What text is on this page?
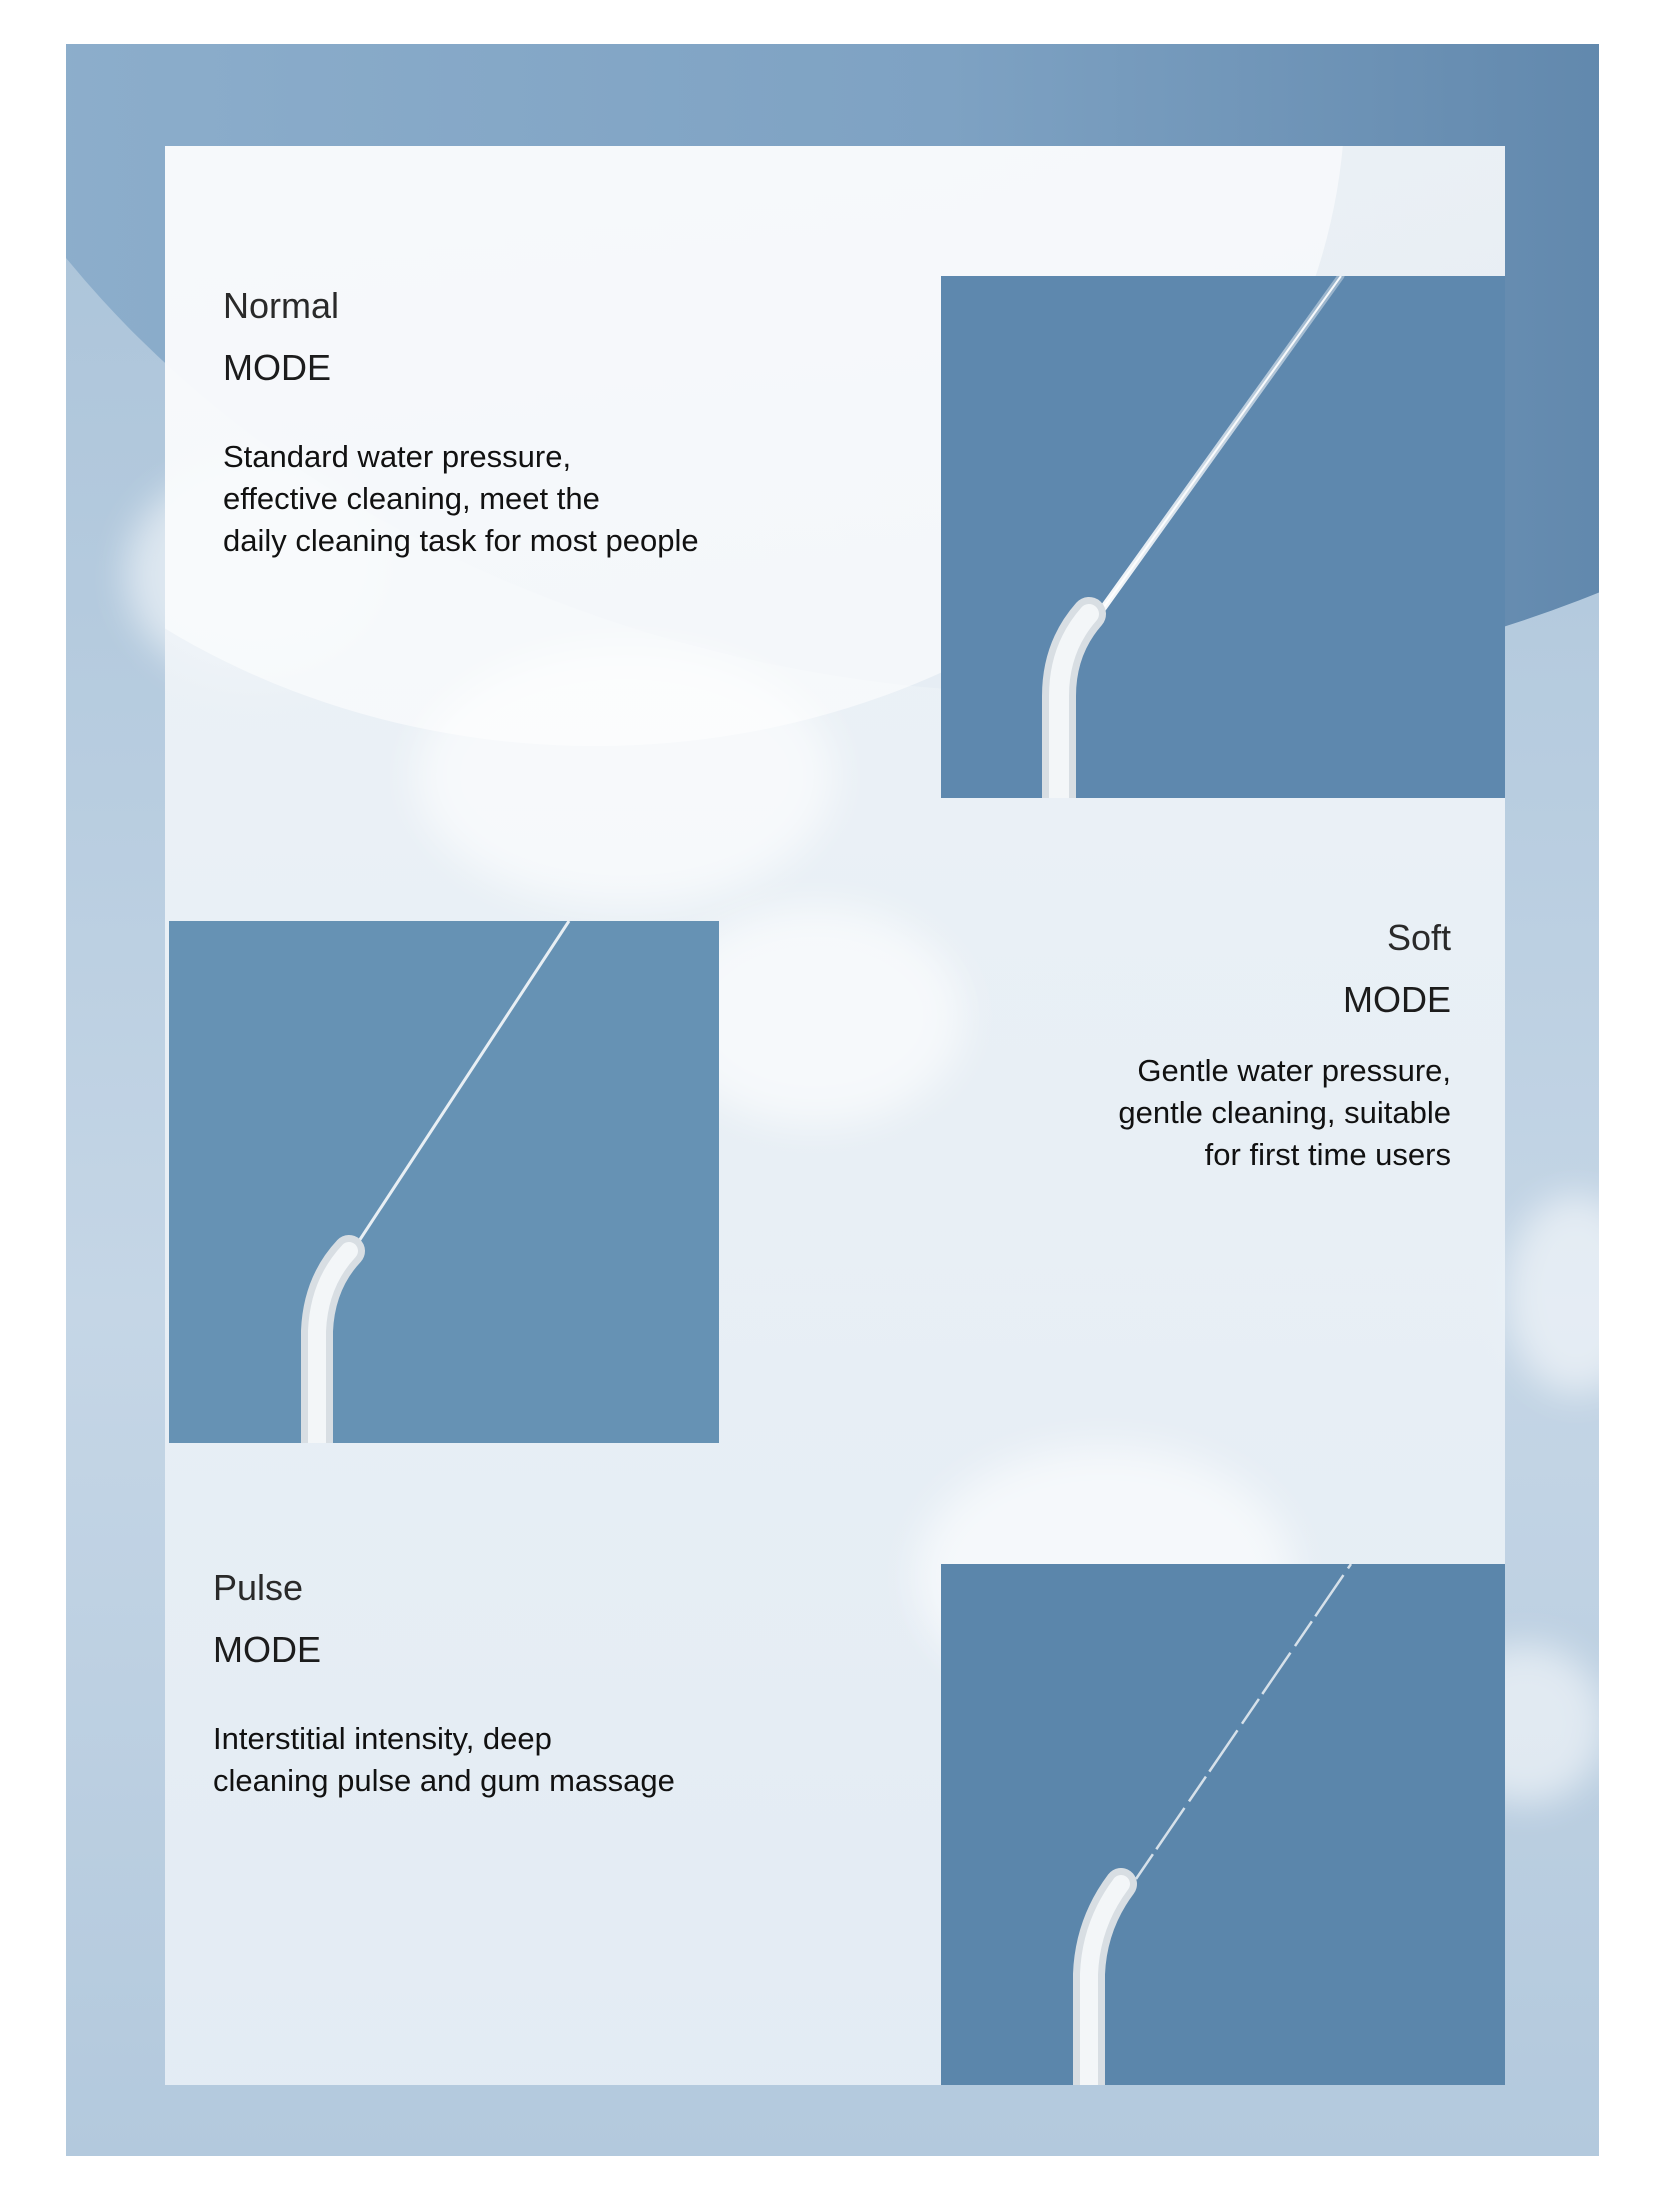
Normal
MODE
Standard water pressure,
effective cleaning, meet the
daily cleaning task for most people
Soft
MODE
Gentle water pressure,
gentle cleaning, suitable
for first time users
Pulse
MODE
Interstitial intensity, deep
cleaning pulse and gum massage
